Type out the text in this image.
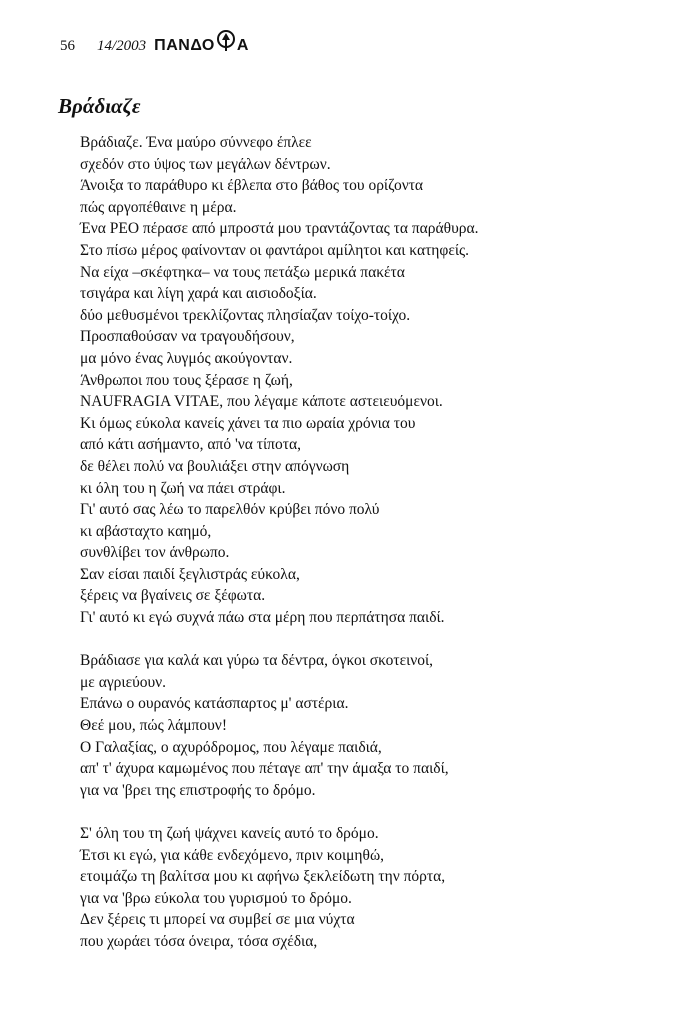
56 14/2003 ΠΑΝΔΟ Α
Βράδιαζε
Βράδιαζε. Ένα μαύρο σύννεφο έπλεε
σχεδόν στο ύψος των μεγάλων δέντρων.
Άνοιξα το παράθυρο κι έβλεπα στο βάθος του ορίζοντα
πώς αργοπέθαινε η μέρα.
Ένα ΡΕΟ πέρασε από μπροστά μου τραντάζοντας τα παράθυρα.
Στο πίσω μέρος φαίνονταν οι φαντάροι αμίλητοι και κατηφείς.
Να είχα –σκέφτηκα– να τους πετάξω μερικά πακέτα
τσιγάρα και λίγη χαρά και αισιοδοξία.
δύο μεθυσμένοι τρεκλίζοντας πλησίαζαν τοίχο-τοίχο.
Προσπαθούσαν να τραγουδήσουν,
μα μόνο ένας λυγμός ακούγονταν.
Άνθρωποι που τους ξέρασε η ζωή,
NAUFRAGIA VITAE, που λέγαμε κάποτε αστειευόμενοι.
Κι όμως εύκολα κανείς χάνει τα πιο ωραία χρόνια του
από κάτι ασήμαντο, από 'να τίποτα,
δε θέλει πολύ να βουλιάξει στην απόγνωση
κι όλη του η ζωή να πάει στράφι.
Γι' αυτό σας λέω το παρελθόν κρύβει πόνο πολύ
κι αβάσταχτο καημό,
συνθλίβει τον άνθρωπο.
Σαν είσαι παιδί ξεγλιστράς εύκολα,
ξέρεις να βγαίνεις σε ξέφωτα.
Γι' αυτό κι εγώ συχνά πάω στα μέρη που περπάτησα παιδί.
Βράδιασε για καλά και γύρω τα δέντρα, όγκοι σκοτεινοί,
με αγριεύουν.
Επάνω ο ουρανός κατάσπαρτος μ' αστέρια.
Θεέ μου, πώς λάμπουν!
Ο Γαλαξίας, ο αχυρόδρομος, που λέγαμε παιδιά,
απ' τ' άχυρα καμωμένος που πέταγε απ' την άμαξα το παιδί,
για να 'βρει της επιστροφής το δρόμο.
Σ' όλη του τη ζωή ψάχνει κανείς αυτό το δρόμο.
Έτσι κι εγώ, για κάθε ενδεχόμενο, πριν κοιμηθώ,
ετοιμάζω τη βαλίτσα μου κι αφήνω ξεκλείδωτη την πόρτα,
για να 'βρω εύκολα του γυρισμού το δρόμο.
Δεν ξέρεις τι μπορεί να συμβεί σε μια νύχτα
που χωράει τόσα όνειρα, τόσα σχέδια,
